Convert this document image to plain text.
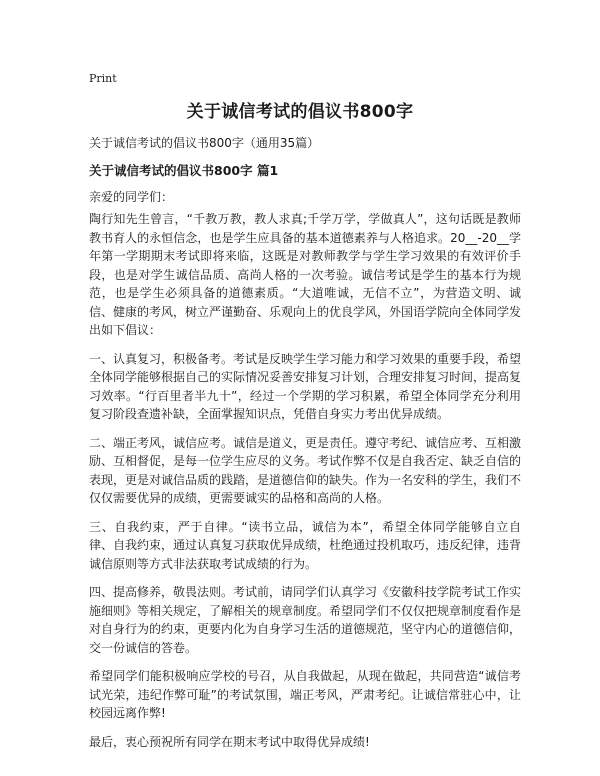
Print
关于诚信考试的倡议书800字
关于诚信考试的倡议书800字（通用35篇）
关于诚信考试的倡议书800字 篇1
亲爱的同学们：

陶行知先生曾言，“千教万教，教人求真;千学万学，学做真人”，这句话既是教师教书育人的永恒信念，也是学生应具备的基本道德素养与人格追求。20__-20__学年第一学期期末考试即将来临，这既是对教师教学与学生学习效果的有效评价手段，也是对学生诚信品质、高尚人格的一次考验。诚信考试是学生的基本行为规范，也是学生必须具备的道德素质。“大道唯诚，无信不立”，为营造文明、诚信、健康的考风，树立严谨勤奋、乐观向上的优良学风，外国语学院向全体同学发出如下倡议：

一、认真复习，积极备考。考试是反映学生学习能力和学习效果的重要手段，希望全体同学能够根据自己的实际情况妥善安排复习计划，合理安排复习时间，提高复习效率。“行百里者半九十”，经过一个学期的学习积累，希望全体同学充分利用复习阶段查遗补缺，全面掌握知识点，凭借自身实力考出优异成绩。

二、端正考风，诚信应考。诚信是道义，更是责任。遵守考纪、诚信应考、互相激励、互相督促，是每一位学生应尽的义务。考试作弊不仅是自我否定、缺乏自信的表现，更是对诚信品质的践踏，是道德信仰的缺失。作为一名安科的学生，我们不仅仅需要优异的成绩，更需要诚实的品格和高尚的人格。

三、自我约束，严于自律。“读书立品，诚信为本”，希望全体同学能够自立自律、自我约束，通过认真复习获取优异成绩，杜绝通过投机取巧，违反纪律，违背诚信原则等方式非法获取考试成绩的行为。

四、提高修养，敬畏法则。考试前，请同学们认真学习《安徽科技学院考试工作实施细则》等相关规定，了解相关的规章制度。希望同学们不仅仅把规章制度看作是对自身行为的约束，更要内化为自身学习生活的道德规范，坚守内心的道德信仰，交一份诚信的答卷。

希望同学们能积极响应学校的号召，从自我做起，从现在做起，共同营造“诚信考试光荣，违纪作弊可耻”的考试氛围，端正考风，严肃考纪。让诚信常驻心中，让校园远离作弊!

最后，衷心预祝所有同学在期末考试中取得优异成绩!
